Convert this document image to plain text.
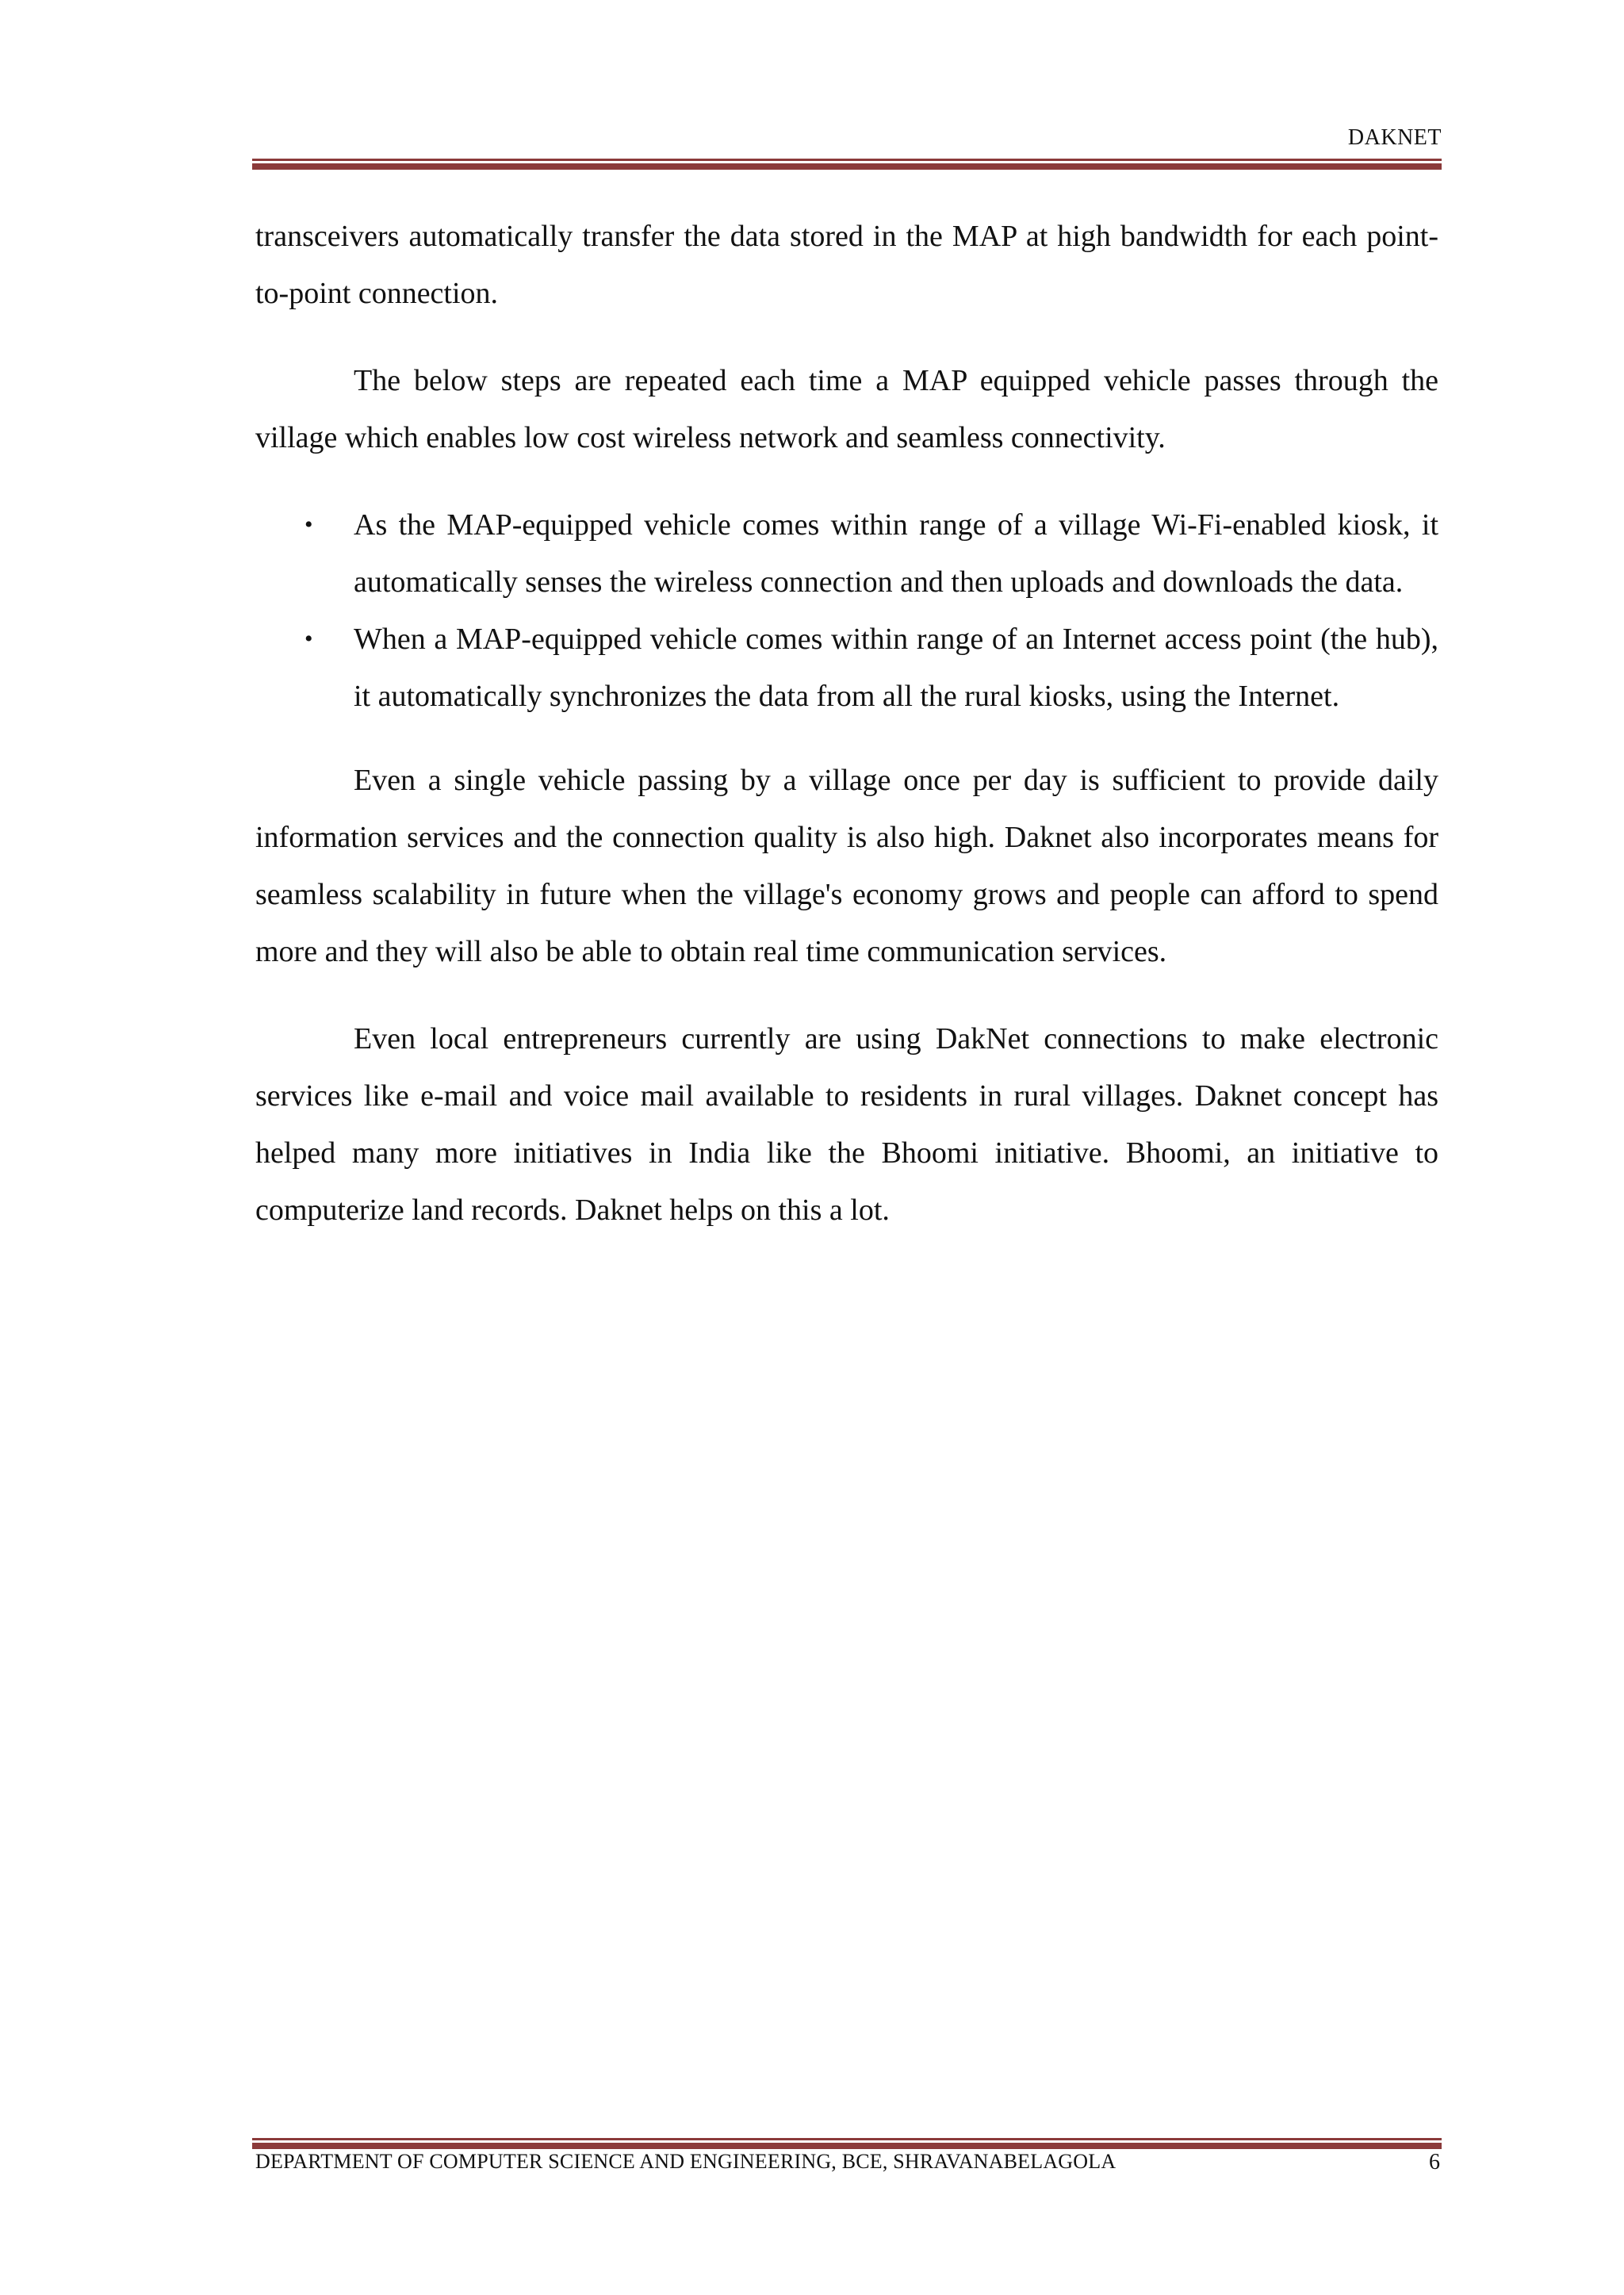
DAKNET

transceivers automatically transfer the data stored in the MAP at high bandwidth for each point-to-point connection.

The below steps are repeated each time a MAP equipped vehicle passes through the village which enables low cost wireless network and seamless connectivity.

• As the MAP-equipped vehicle comes within range of a village Wi-Fi-enabled kiosk, it automatically senses the wireless connection and then uploads and downloads the data.
• When a MAP-equipped vehicle comes within range of an Internet access point (the hub), it automatically synchronizes the data from all the rural kiosks, using the Internet.

Even a single vehicle passing by a village once per day is sufficient to provide daily information services and the connection quality is also high. Daknet also incorporates means for seamless scalability in future when the village's economy grows and people can afford to spend more and they will also be able to obtain real time communication services.

Even local entrepreneurs currently are using DakNet connections to make electronic services like e-mail and voice mail available to residents in rural villages. Daknet concept has helped many more initiatives in India like the Bhoomi initiative. Bhoomi, an initiative to computerize land records. Daknet helps on this a lot.

DEPARTMENT OF COMPUTER SCIENCE AND ENGINEERING, BCE, SHRAVANABELAGOLA	6
